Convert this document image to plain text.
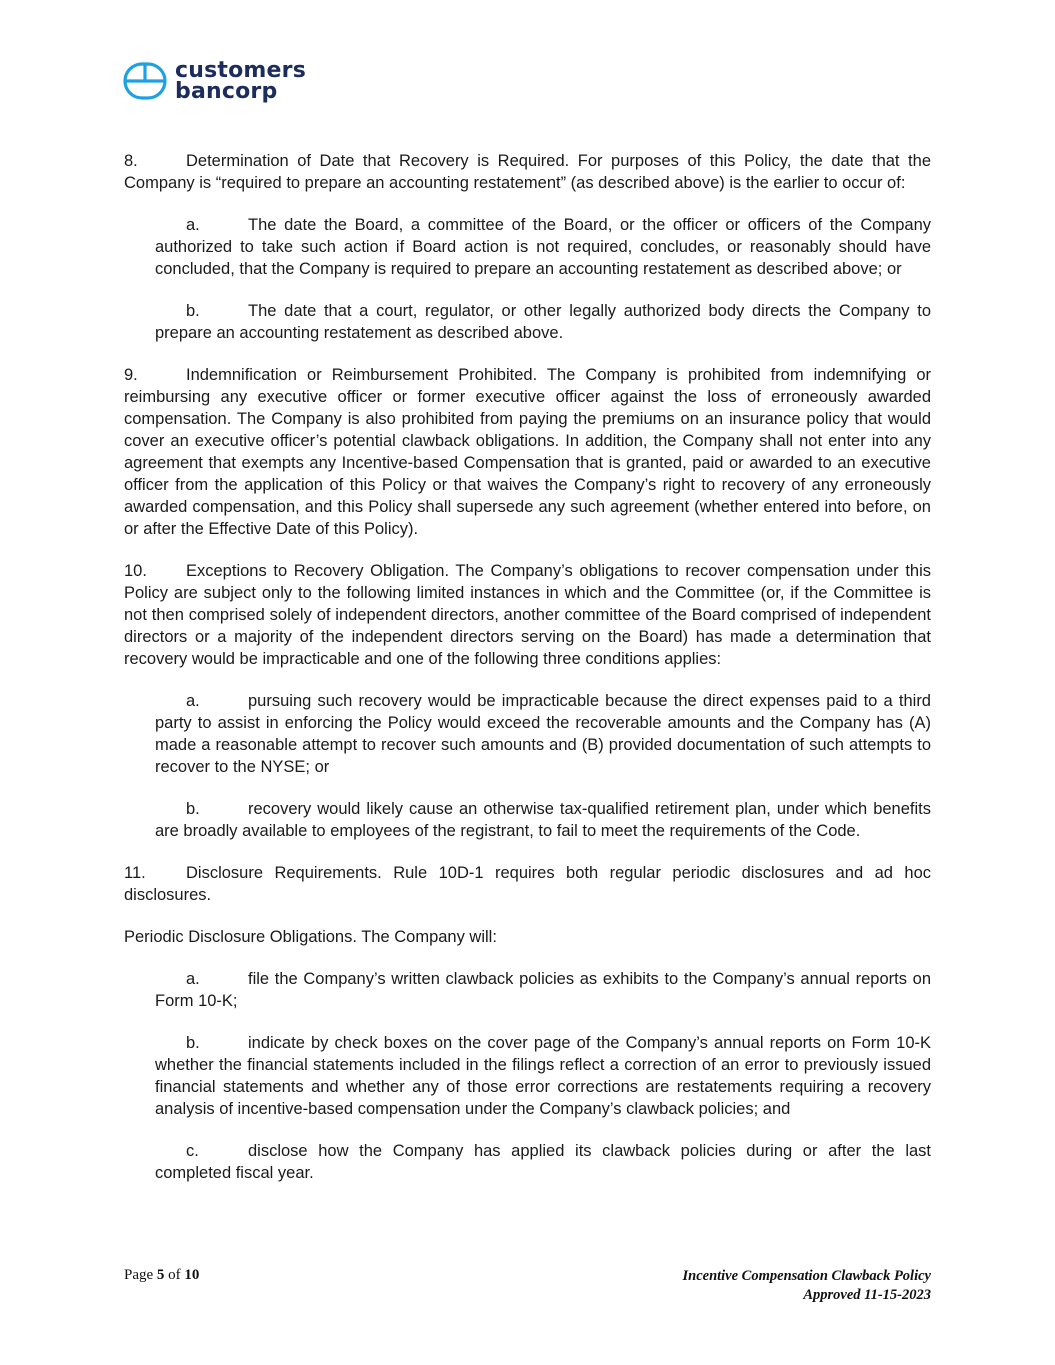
customers
bancorp

8.	Determination of Date that Recovery is Required. For purposes of this Policy, the date that the Company is “required to prepare an accounting restatement” (as described above) is the earlier to occur of:

a.	The date the Board, a committee of the Board, or the officer or officers of the Company authorized to take such action if Board action is not required, concludes, or reasonably should have concluded, that the Company is required to prepare an accounting restatement as described above; or

b.	The date that a court, regulator, or other legally authorized body directs the Company to prepare an accounting restatement as described above.

9.	Indemnification or Reimbursement Prohibited. The Company is prohibited from indemnifying or reimbursing any executive officer or former executive officer against the loss of erroneously awarded compensation. The Company is also prohibited from paying the premiums on an insurance policy that would cover an executive officer’s potential clawback obligations. In addition, the Company shall not enter into any agreement that exempts any Incentive-based Compensation that is granted, paid or awarded to an executive officer from the application of this Policy or that waives the Company’s right to recovery of any erroneously awarded compensation, and this Policy shall supersede any such agreement (whether entered into before, on or after the Effective Date of this Policy).

10. Exceptions to Recovery Obligation. The Company’s obligations to recover compensation under this Policy are subject only to the following limited instances in which and the Committee (or, if the Committee is not then comprised solely of independent directors, another committee of the Board comprised of independent directors or a majority of the independent directors serving on the Board) has made a determination that recovery would be impracticable and one of the following three conditions applies:

a.	pursuing such recovery would be impracticable because the direct expenses paid to a third party to assist in enforcing the Policy would exceed the recoverable amounts and the Company has (A) made a reasonable attempt to recover such amounts and (B) provided documentation of such attempts to recover to the NYSE; or

b.	recovery would likely cause an otherwise tax-qualified retirement plan, under which benefits are broadly available to employees of the registrant, to fail to meet the requirements of the Code.

11. Disclosure Requirements. Rule 10D-1 requires both regular periodic disclosures and ad hoc disclosures.

Periodic Disclosure Obligations. The Company will:

a.	file the Company’s written clawback policies as exhibits to the Company’s annual reports on Form 10-K;

b.	indicate by check boxes on the cover page of the Company’s annual reports on Form 10-K whether the financial statements included in the filings reflect a correction of an error to previously issued financial statements and whether any of those error corrections are restatements requiring a recovery analysis of incentive-based compensation under the Company’s clawback policies; and

c.	disclose how the Company has applied its clawback policies during or after the last completed fiscal year.

Page 5 of 10	Incentive Compensation Clawback Policy
Approved 11-15-2023
